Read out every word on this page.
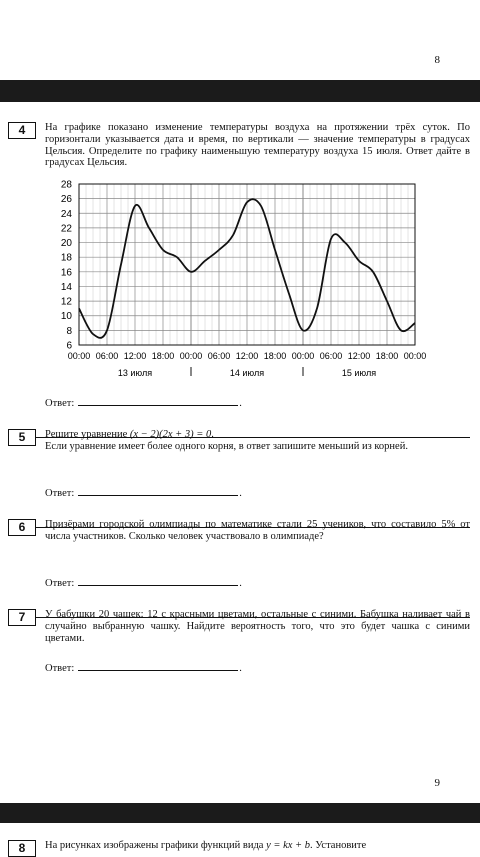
8
4	На графике показано изменение температуры воздуха на протяжении трёх суток. По горизонтали указывается дата и время, по вертикали — значение температуры в градусах Цельсия. Определите по графику наименьшую температуру воздуха 15 июля. Ответ дайте в градусах Цельсия.
6
8
10
12
14
16
18
20
22
24
26
28
00:00 06:00 12:00 18:00 00:00 06:00 12:00 18:00 00:00 06:00 12:00 18:00 00:00
13 июля	14 июля	15 июля
Ответ:	.
5	Решите уравнение (x − 2)(2x + 3) = 0.
Если уравнение имеет более одного корня, в ответ запишите меньший из корней.
Ответ:	.
6	Призёрами городской олимпиады по математике стали 25 учеников, что составило 5% от числа участников. Сколько человек участвовало в олимпиаде?
Ответ:	.
7	У бабушки 20 чашек: 12 с красными цветами, остальные с синими. Бабушка наливает чай в случайно выбранную чашку. Найдите вероятность того, что это будет чашка с синими цветами.
Ответ:	.
9
8	На рисунках изображены графики функций вида y = kx + b. Установите
